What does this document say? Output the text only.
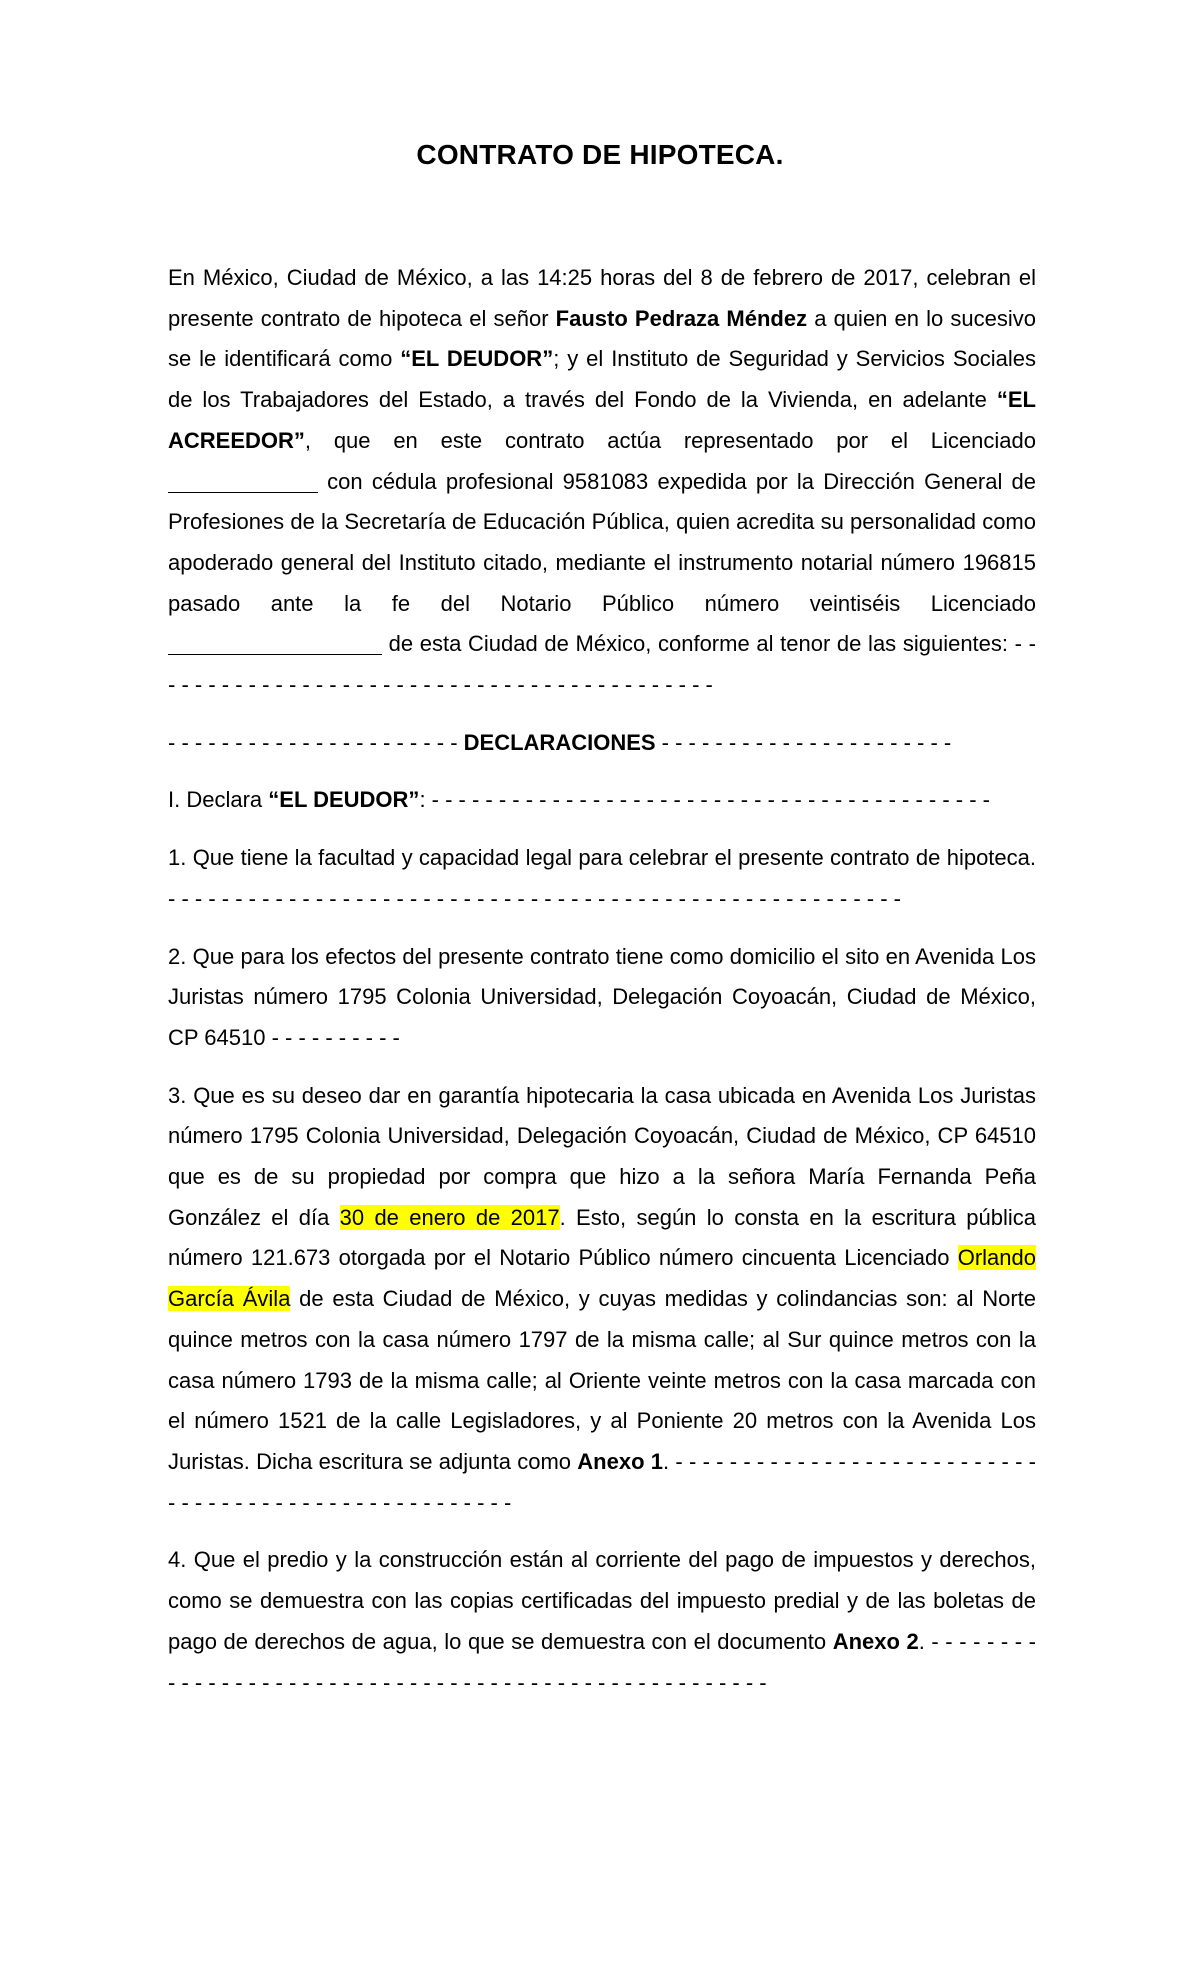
CONTRATO DE HIPOTECA.

En México, Ciudad de México, a las 14:25 horas del 8 de febrero de 2017, celebran el presente contrato de hipoteca el señor Fausto Pedraza Méndez a quien en lo sucesivo se le identificará como “EL DEUDOR”; y el Instituto de Seguridad y Servicios Sociales de los Trabajadores del Estado, a través del Fondo de la Vivienda, en adelante “EL ACREEDOR”, que en este contrato actúa representado por el Licenciado  con cédula profesional 9581083 expedida por la Dirección General de Profesiones de la Secretaría de Educación Pública, quien acredita su personalidad como apoderado general del Instituto citado, mediante el instrumento notarial número 196815 pasado ante la fe del Notario Público número veintiséis Licenciado  de esta Ciudad de México, conforme al tenor de las siguientes: - - - - - - - - - - - - - - - - - - - - - - - - - - - - - - - - - - - - - - - - - - -

- - - - - - - - - - - - - - - - - - - - - - DECLARACIONES - - - - - - - - - - - - - - - - - - - - - -

I. Declara “EL DEUDOR”: - - - - - - - - - - - - - - - - - - - - - - - - - - - - - - - - - - - - - - - - - -

1. Que tiene la facultad y capacidad legal para celebrar el presente contrato de hipoteca. - - - - - - - - - - - - - - - - - - - - - - - - - - - - - - - - - - - - - - - - - - - - - - - - - - - - - - -

2. Que para los efectos del presente contrato tiene como domicilio el sito en Avenida Los Juristas número 1795 Colonia Universidad, Delegación Coyoacán, Ciudad de México, CP 64510 - - - - - - - - - -

3. Que es su deseo dar en garantía hipotecaria la casa ubicada en Avenida Los Juristas número 1795 Colonia Universidad, Delegación Coyoacán, Ciudad de México, CP 64510 que es de su propiedad por compra que hizo a la señora María Fernanda Peña González el día 30 de enero de 2017. Esto, según lo consta en la escritura pública número 121.673 otorgada por el Notario Público número cincuenta Licenciado Orlando García Ávila de esta Ciudad de México, y cuyas medidas y colindancias son: al Norte quince metros con la casa número 1797 de la misma calle; al Sur quince metros con la casa número 1793 de la misma calle; al Oriente veinte metros con la casa marcada con el número 1521 de la calle Legisladores, y al Poniente 20 metros con la Avenida Los Juristas. Dicha escritura se adjunta como Anexo 1. - - - - - - - - - - - - - - - - - - - - - - - - - - - - - - - - - - - - - - - - - - - - - - - - - - - - -

4. Que el predio y la construcción están al corriente del pago de impuestos y derechos, como se demuestra con las copias certificadas del impuesto predial y de las boletas de pago de derechos de agua, lo que se demuestra con el documento Anexo 2. - - - - - - - - - - - - - - - - - - - - - - - - - - - - - - - - - - - - - - - - - - - - - - - - - - - - -
